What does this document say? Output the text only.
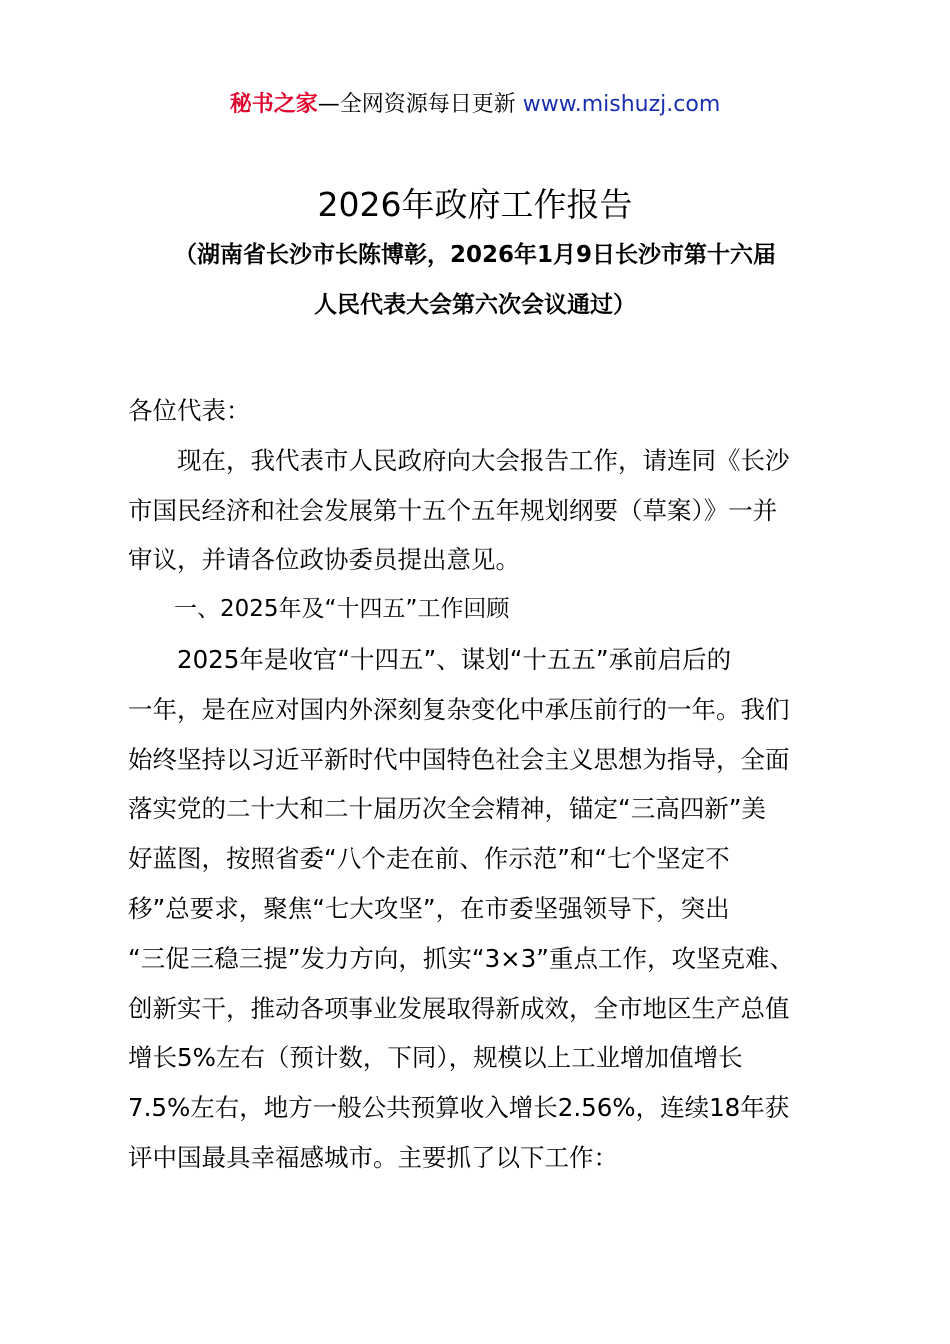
秘书之家—全网资源每日更新 www.mishuzj.com
2026年政府工作报告
（湖南省长沙市长陈博彰，2026年1月9日长沙市第十六届
人民代表大会第六次会议通过）
各位代表：
　　现在，我代表市人民政府向大会报告工作，请连同《长沙
市国民经济和社会发展第十五个五年规划纲要（草案）》一并
审议，并请各位政协委员提出意见。
　　一、2025年及“十四五”工作回顾
　　2025年是收官“十四五”、谋划“十五五”承前启后的
一年，是在应对国内外深刻复杂变化中承压前行的一年。我们
始终坚持以习近平新时代中国特色社会主义思想为指导，全面
落实党的二十大和二十届历次全会精神，锚定“三高四新”美
好蓝图，按照省委“八个走在前、作示范”和“七个坚定不
移”总要求，聚焦“七大攻坚”，在市委坚强领导下，突出
“三促三稳三提”发力方向，抓实“3×3”重点工作，攻坚克难、
创新实干，推动各项事业发展取得新成效，全市地区生产总值
增长5%左右（预计数，下同），规模以上工业增加值增长
7.5%左右，地方一般公共预算收入增长2.56%，连续18年获
评中国最具幸福感城市。主要抓了以下工作：
